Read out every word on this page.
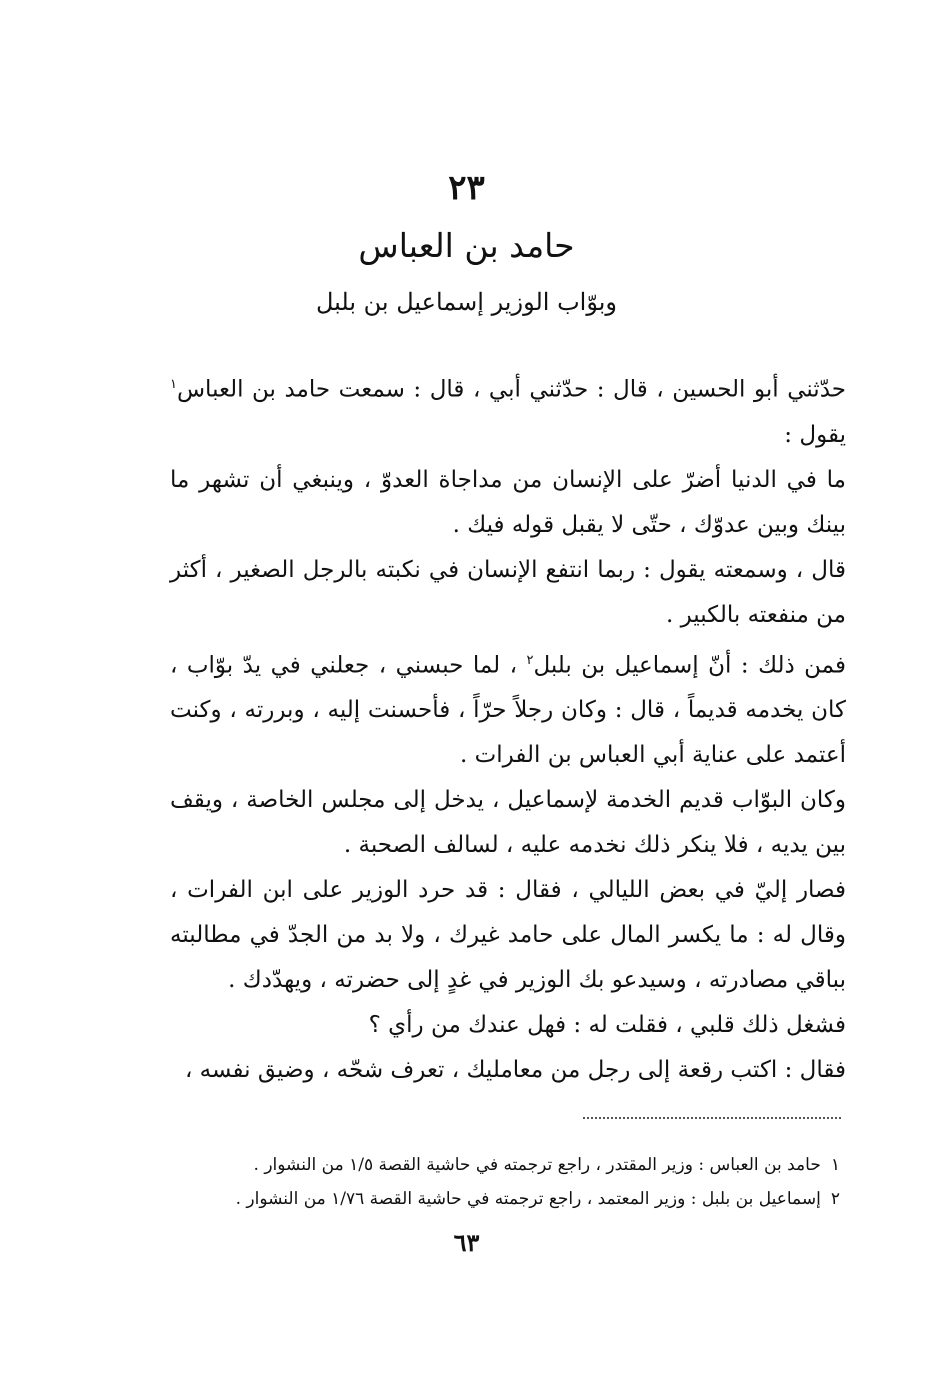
٢٣
حامد بن العباس
وبوّاب الوزير إسماعيل بن بلبل

حدّثني أبو الحسين ، قال : حدّثني أبي ، قال : سمعت حامد بن العباس$^١$ يقول :

ما في الدنيا أضرّ على الإنسان من مداجاة العدوّ ، وينبغي أن تشهر ما بينك وبين عدوّك ، حتّى لا يقبل قوله فيك .

قال ، وسمعته يقول : ربما انتفع الإنسان في نكبته بالرجل الصغير ، أكثر من منفعته بالكبير .

فمن ذلك : أنّ إسماعيل بن بلبل$^٢$ ، لما حبسني ، جعلني في يدّ بوّاب ، كان يخدمه قديماً ، قال : وكان رجلاً حرّاً ، فأحسنت إليه ، وبررته ، وكنت أعتمد على عناية أبي العباس بن الفرات .

وكان البوّاب قديم الخدمة لإسماعيل ، يدخل إلى مجلس الخاصة ، ويقف بين يديه ، فلا ينكر ذلك نخدمه عليه ، لسالف الصحبة .

فصار إليّ في بعض الليالي ، فقال : قد حرد الوزير على ابن الفرات ، وقال له : ما يكسر المال على حامد غيرك ، ولا بد من الجدّ في مطالبته بباقي مصادرته ، وسيدعو بك الوزير في غدٍ إلى حضرته ، ويهدّدك .

فشغل ذلك قلبي ، فقلت له : فهل عندك من رأي ؟

فقال : اكتب رقعة إلى رجل من معامليك ، تعرف شحّه ، وضيق نفسه ،

١حامد بن العباس : وزير المقتدر ، راجع ترجمته في حاشية القصة ١/٥ من النشوار .

٢إسماعيل بن بلبل : وزير المعتمد ، راجع ترجمته في حاشية القصة ١/٧٦ من النشوار .

٦٣
